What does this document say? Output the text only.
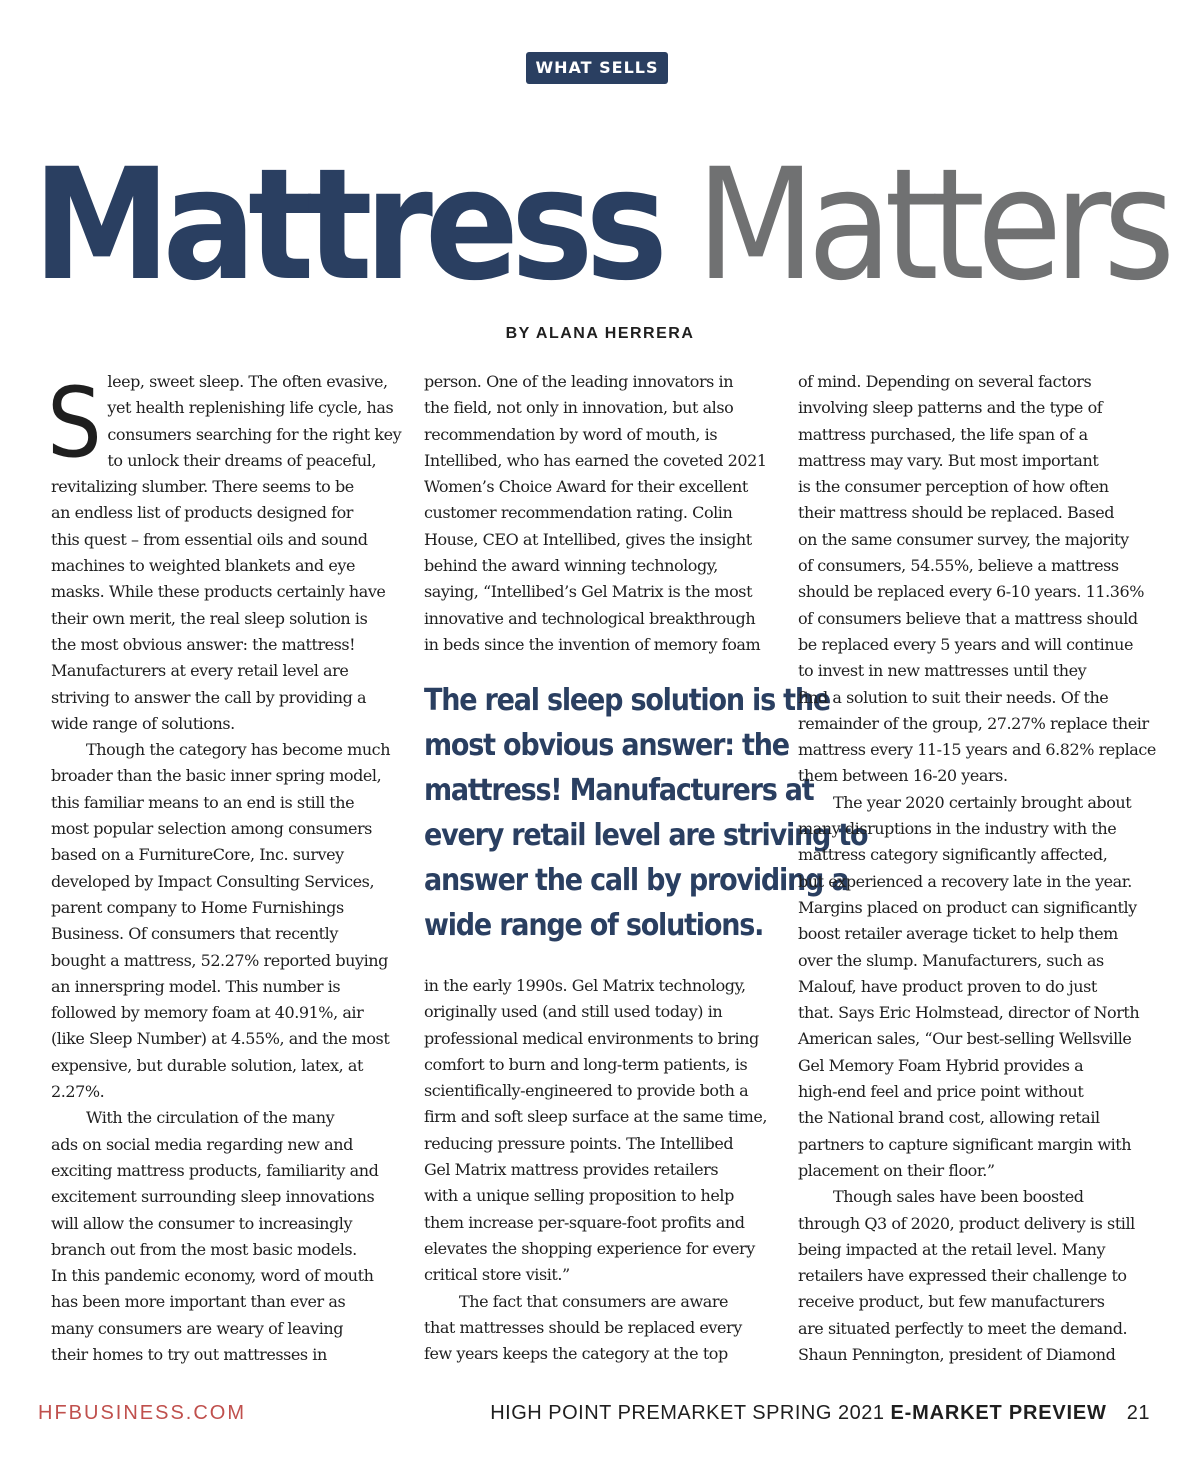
WHAT SELLS
Mattress Matters
BY ALANA HERRERA
S leep, sweet sleep. The often evasive,
yet health replenishing life cycle, has
consumers searching for the right key
to unlock their dreams of peaceful,
revitalizing slumber. There seems to be
an endless list of products designed for
this quest – from essential oils and sound
machines to weighted blankets and eye
masks. While these products certainly have
their own merit, the real sleep solution is
the most obvious answer: the mattress!
Manufacturers at every retail level are
striving to answer the call by providing a
wide range of solutions.
Though the category has become much
broader than the basic inner spring model,
this familiar means to an end is still the
most popular selection among consumers
based on a FurnitureCore, Inc. survey
developed by Impact Consulting Services,
parent company to Home Furnishings
Business. Of consumers that recently
bought a mattress, 52.27% reported buying
an innerspring model. This number is
followed by memory foam at 40.91%, air
(like Sleep Number) at 4.55%, and the most
expensive, but durable solution, latex, at
2.27%.
With the circulation of the many
ads on social media regarding new and
exciting mattress products, familiarity and
excitement surrounding sleep innovations
will allow the consumer to increasingly
branch out from the most basic models.
In this pandemic economy, word of mouth
has been more important than ever as
many consumers are weary of leaving
their homes to try out mattresses in
person. One of the leading innovators in
the field, not only in innovation, but also
recommendation by word of mouth, is
Intellibed, who has earned the coveted 2021
Women’s Choice Award for their excellent
customer recommendation rating. Colin
House, CEO at Intellibed, gives the insight
behind the award winning technology,
saying, “Intellibed’s Gel Matrix is the most
innovative and technological breakthrough
in beds since the invention of memory foam
The real sleep solution is the
most obvious answer: the
mattress! Manufacturers at
every retail level are striving to
answer the call by providing a
wide range of solutions.
in the early 1990s. Gel Matrix technology,
originally used (and still used today) in
professional medical environments to bring
comfort to burn and long-term patients, is
scientifically-engineered to provide both a
firm and soft sleep surface at the same time,
reducing pressure points. The Intellibed
Gel Matrix mattress provides retailers
with a unique selling proposition to help
them increase per-square-foot profits and
elevates the shopping experience for every
critical store visit.”
The fact that consumers are aware
that mattresses should be replaced every
few years keeps the category at the top
of mind. Depending on several factors
involving sleep patterns and the type of
mattress purchased, the life span of a
mattress may vary. But most important
is the consumer perception of how often
their mattress should be replaced. Based
on the same consumer survey, the majority
of consumers, 54.55%, believe a mattress
should be replaced every 6-10 years. 11.36%
of consumers believe that a mattress should
be replaced every 5 years and will continue
to invest in new mattresses until they
find a solution to suit their needs. Of the
remainder of the group, 27.27% replace their
mattress every 11-15 years and 6.82% replace
them between 16-20 years.
The year 2020 certainly brought about
many disruptions in the industry with the
mattress category significantly affected,
but experienced a recovery late in the year.
Margins placed on product can significantly
boost retailer average ticket to help them
over the slump. Manufacturers, such as
Malouf, have product proven to do just
that. Says Eric Holmstead, director of North
American sales, “Our best-selling Wellsville
Gel Memory Foam Hybrid provides a
high-end feel and price point without
the National brand cost, allowing retail
partners to capture significant margin with
placement on their floor.”
Though sales have been boosted
through Q3 of 2020, product delivery is still
being impacted at the retail level. Many
retailers have expressed their challenge to
receive product, but few manufacturers
are situated perfectly to meet the demand.
Shaun Pennington, president of Diamond
HFBUSINESS.COM	HIGH POINT PREMARKET SPRING 2021 E-MARKET PREVIEW 21
